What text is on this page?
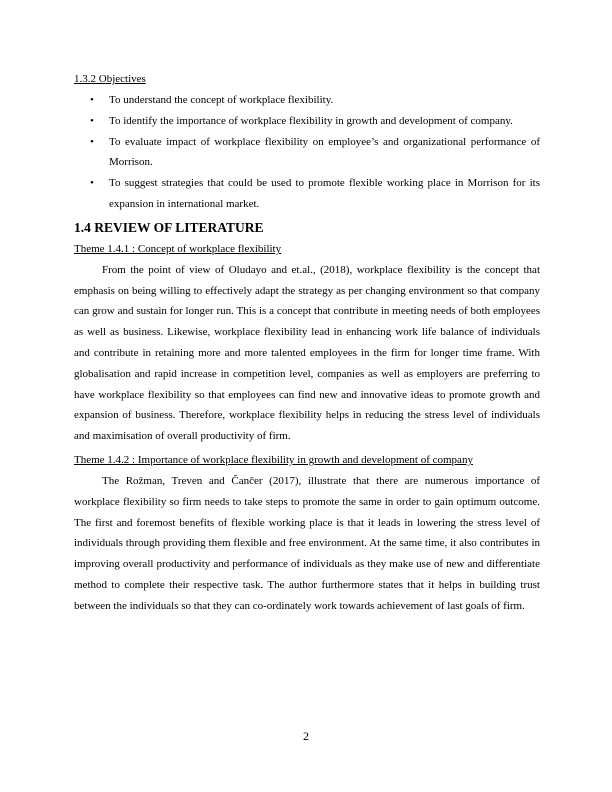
1.3.2 Objectives
• To understand the concept of workplace flexibility.
• To identify the importance of workplace flexibility in growth and development of company.
• To evaluate impact of workplace flexibility on employee’s and organizational performance of Morrison.
• To suggest strategies that could be used to promote flexible working place in Morrison for its expansion in international market.
1.4 REVIEW OF LITERATURE
Theme 1.4.1 : Concept of workplace flexibility

From the point of view of Oludayo and et.al., (2018), workplace flexibility is the concept that emphasis on being willing to effectively adapt the strategy as per changing environment so that company can grow and sustain for longer run. This is a concept that contribute in meeting needs of both employees as well as business. Likewise, workplace flexibility lead in enhancing work life balance of individuals and contribute in retaining more and more talented employees in the firm for longer time frame. With globalisation and rapid increase in competition level, companies as well as employers are preferring to have workplace flexibility so that employees can find new and innovative ideas to promote growth and expansion of business. Therefore, workplace flexibility helps in reducing the stress level of individuals and maximisation of overall productivity of firm.

Theme 1.4.2 : Importance of workplace flexibility in growth and development of company

The Rožman, Treven and Čančer (2017), illustrate that there are numerous importance of workplace flexibility so firm needs to take steps to promote the same in order to gain optimum outcome. The first and foremost benefits of flexible working place is that it leads in lowering the stress level of individuals through providing them flexible and free environment. At the same time, it also contributes in improving overall productivity and performance of individuals as they make use of new and differentiate method to complete their respective task. The author furthermore states that it helps in building trust between the individuals so that they can co-ordinately work towards achievement of last goals of firm.

2
